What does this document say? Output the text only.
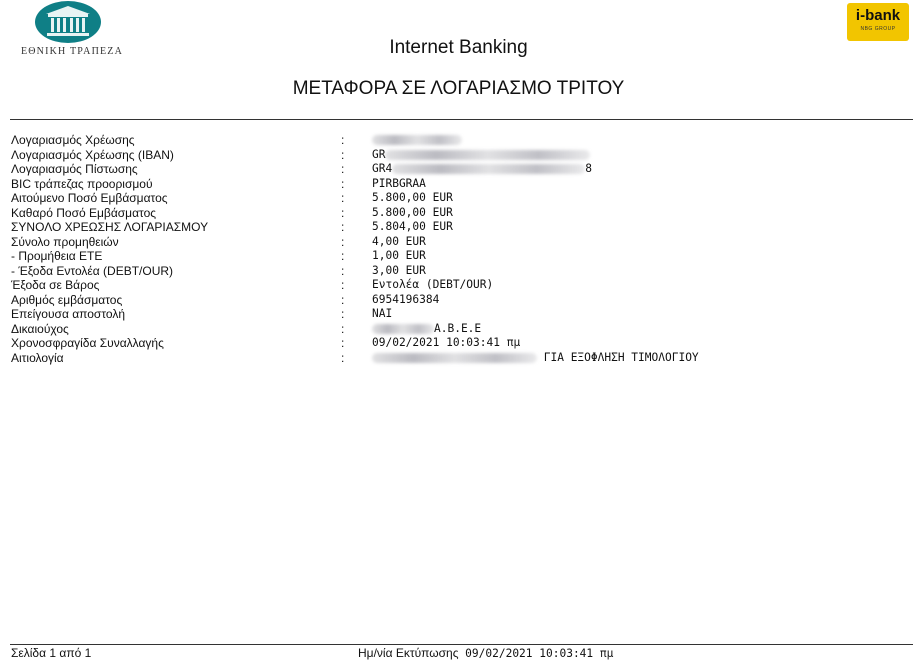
ΕΘΝΙΚΗ ΤΡΑΠΕΖΑ
i-bank
NBG GROUP
Internet Banking
ΜΕΤΑΦΟΡΑ ΣΕ ΛΟΓΑΡΙΑΣΜΟ ΤΡΙΤΟΥ
Λογαριασμός Χρέωσης	:
Λογαριασμός Χρέωσης (IBAN)	: GR
Λογαριασμός Πίστωσης	: GR4	8
BIC τράπεζας προορισμού	: PIRBGRAA
Αιτούμενο Ποσό Εμβάσματος	: 5.800,00 EUR
Καθαρό Ποσό Εμβάσματος	: 5.800,00 EUR
ΣΥΝΟΛΟ ΧΡΕΩΣΗΣ ΛΟΓΑΡΙΑΣΜΟΥ	: 5.804,00 EUR
Σύνολο προμηθειών	: 4,00 EUR
- Προμήθεια ΕΤΕ	: 1,00 EUR
- Έξοδα Εντολέα (DEBT/OUR)	: 3,00 EUR
Έξοδα σε Βάρος	: Εντολέα (DEBT/OUR)
Αριθμός εμβάσματος	: 6954196384
Επείγουσα αποστολή	: ΝΑΙ
Δικαιούχος	:	Α.Β.Ε.Ε
Χρονοσφραγίδα Συναλλαγής	: 09/02/2021 10:03:41 πμ
Αιτιολογία	:	ΓΙΑ ΕΞΟΦΛΗΣΗ ΤΙΜΟΛΟΓΙΟΥ
Σελίδα 1 από 1	Ημ/νία Εκτύπωσης 09/02/2021 10:03:41 πμ
